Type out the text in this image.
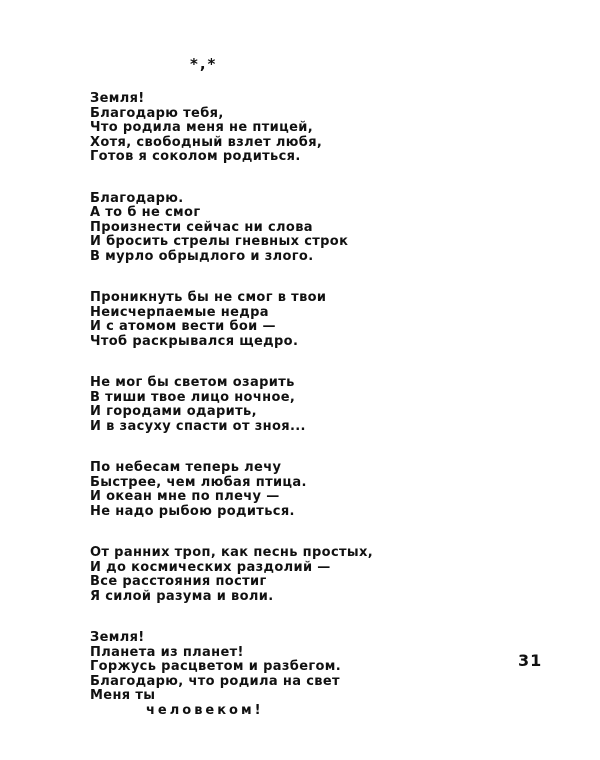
*,*
Земля!
Благодарю тебя,
Что родила меня не птицей,
Хотя, свободный взлет любя,
Готов я соколом родиться.
Благодарю.
А то б не смог
Произнести сейчас ни слова
И бросить стрелы гневных строк
В мурло обрыдлого и злого.
Проникнуть бы не смог в твои
Неисчерпаемые недра
И с атомом вести бои —
Чтоб раскрывался щедро.
Не мог бы светом озарить
В тиши твое лицо ночное,
И городами одарить,
И в засуху спасти от зноя...
По небесам теперь лечу
Быстрее, чем любая птица.
И океан мне по плечу —
Не надо рыбою родиться.
От ранних троп, как песнь простых,
И до космических раздолий —
Все расстояния постиг
Я силой разума и воли.
Земля!
Планета из планет!
Горжусь расцветом и разбегом.
Благодарю, что родила на свет
Меня ты
человеком!
31
